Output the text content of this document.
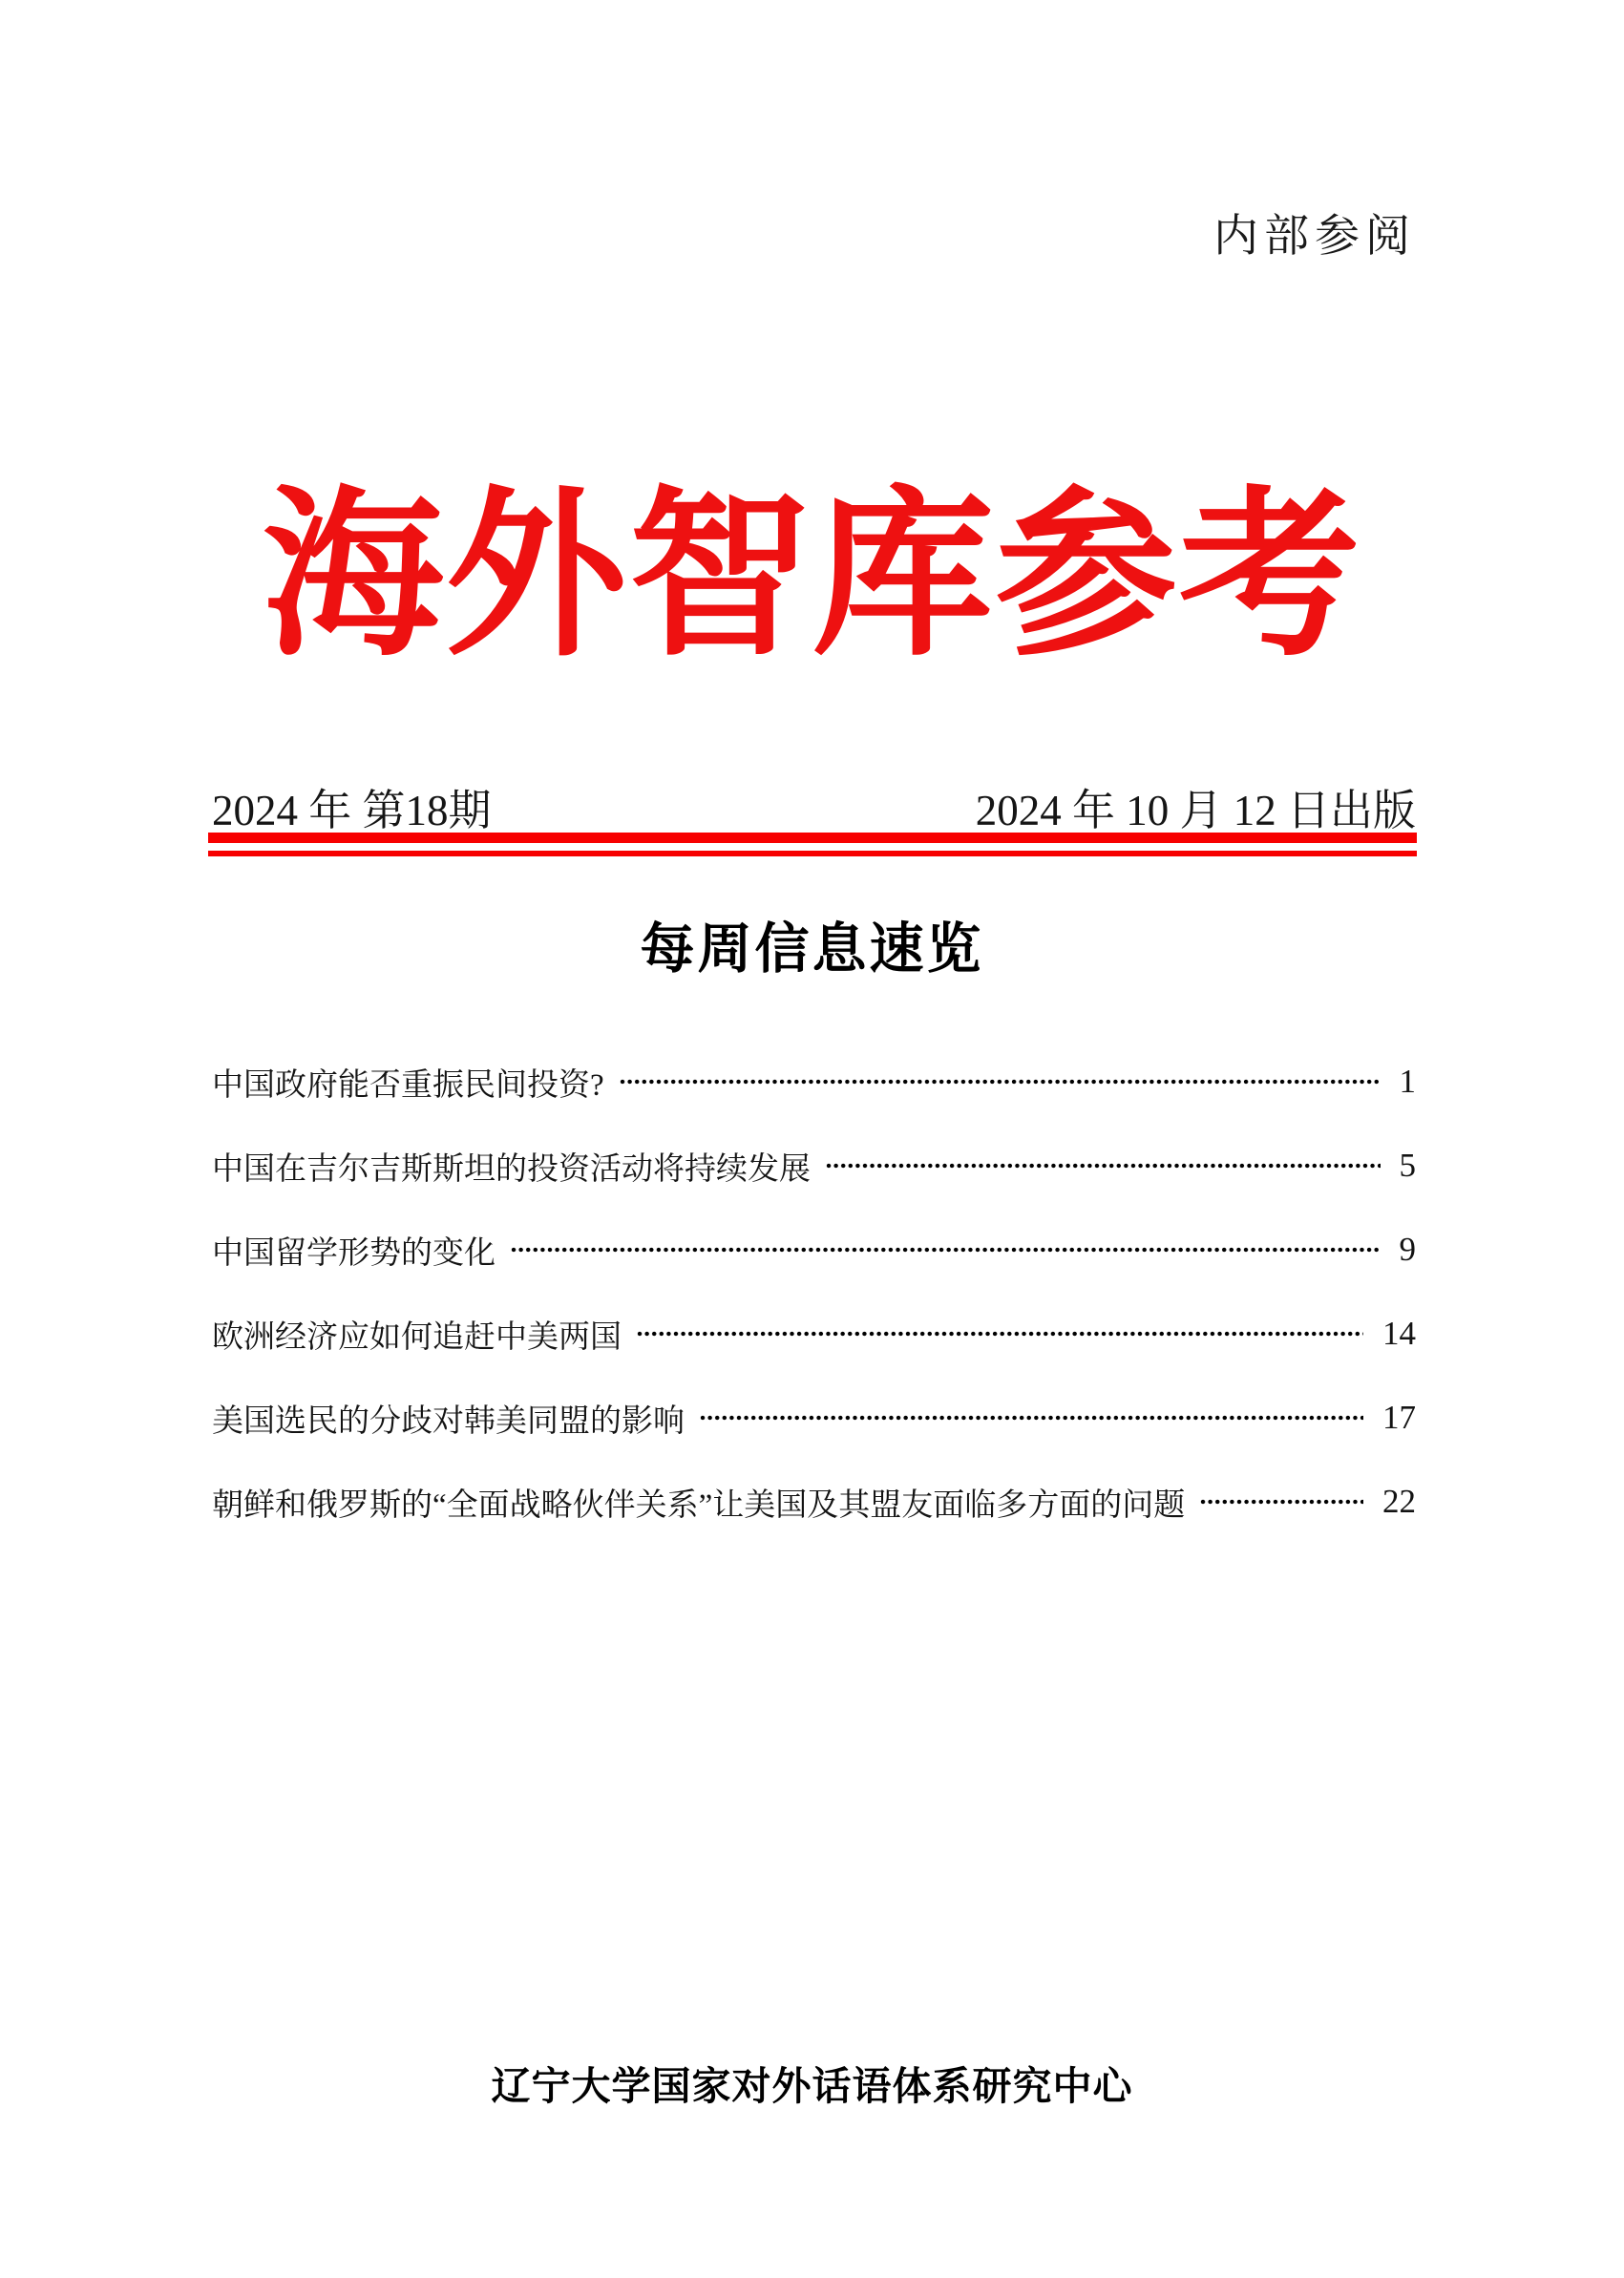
内部参阅
海外智库参考
2024 年 第18期	2024 年 10 月 12 日出版
每周信息速览
中国政府能否重振民间投资?	1
中国在吉尔吉斯斯坦的投资活动将持续发展	5
中国留学形势的变化	9
欧洲经济应如何追赶中美两国	14
美国选民的分歧对韩美同盟的影响	17
朝鲜和俄罗斯的“全面战略伙伴关系”让美国及其盟友面临多方面的问题	22
辽宁大学国家对外话语体系研究中心
